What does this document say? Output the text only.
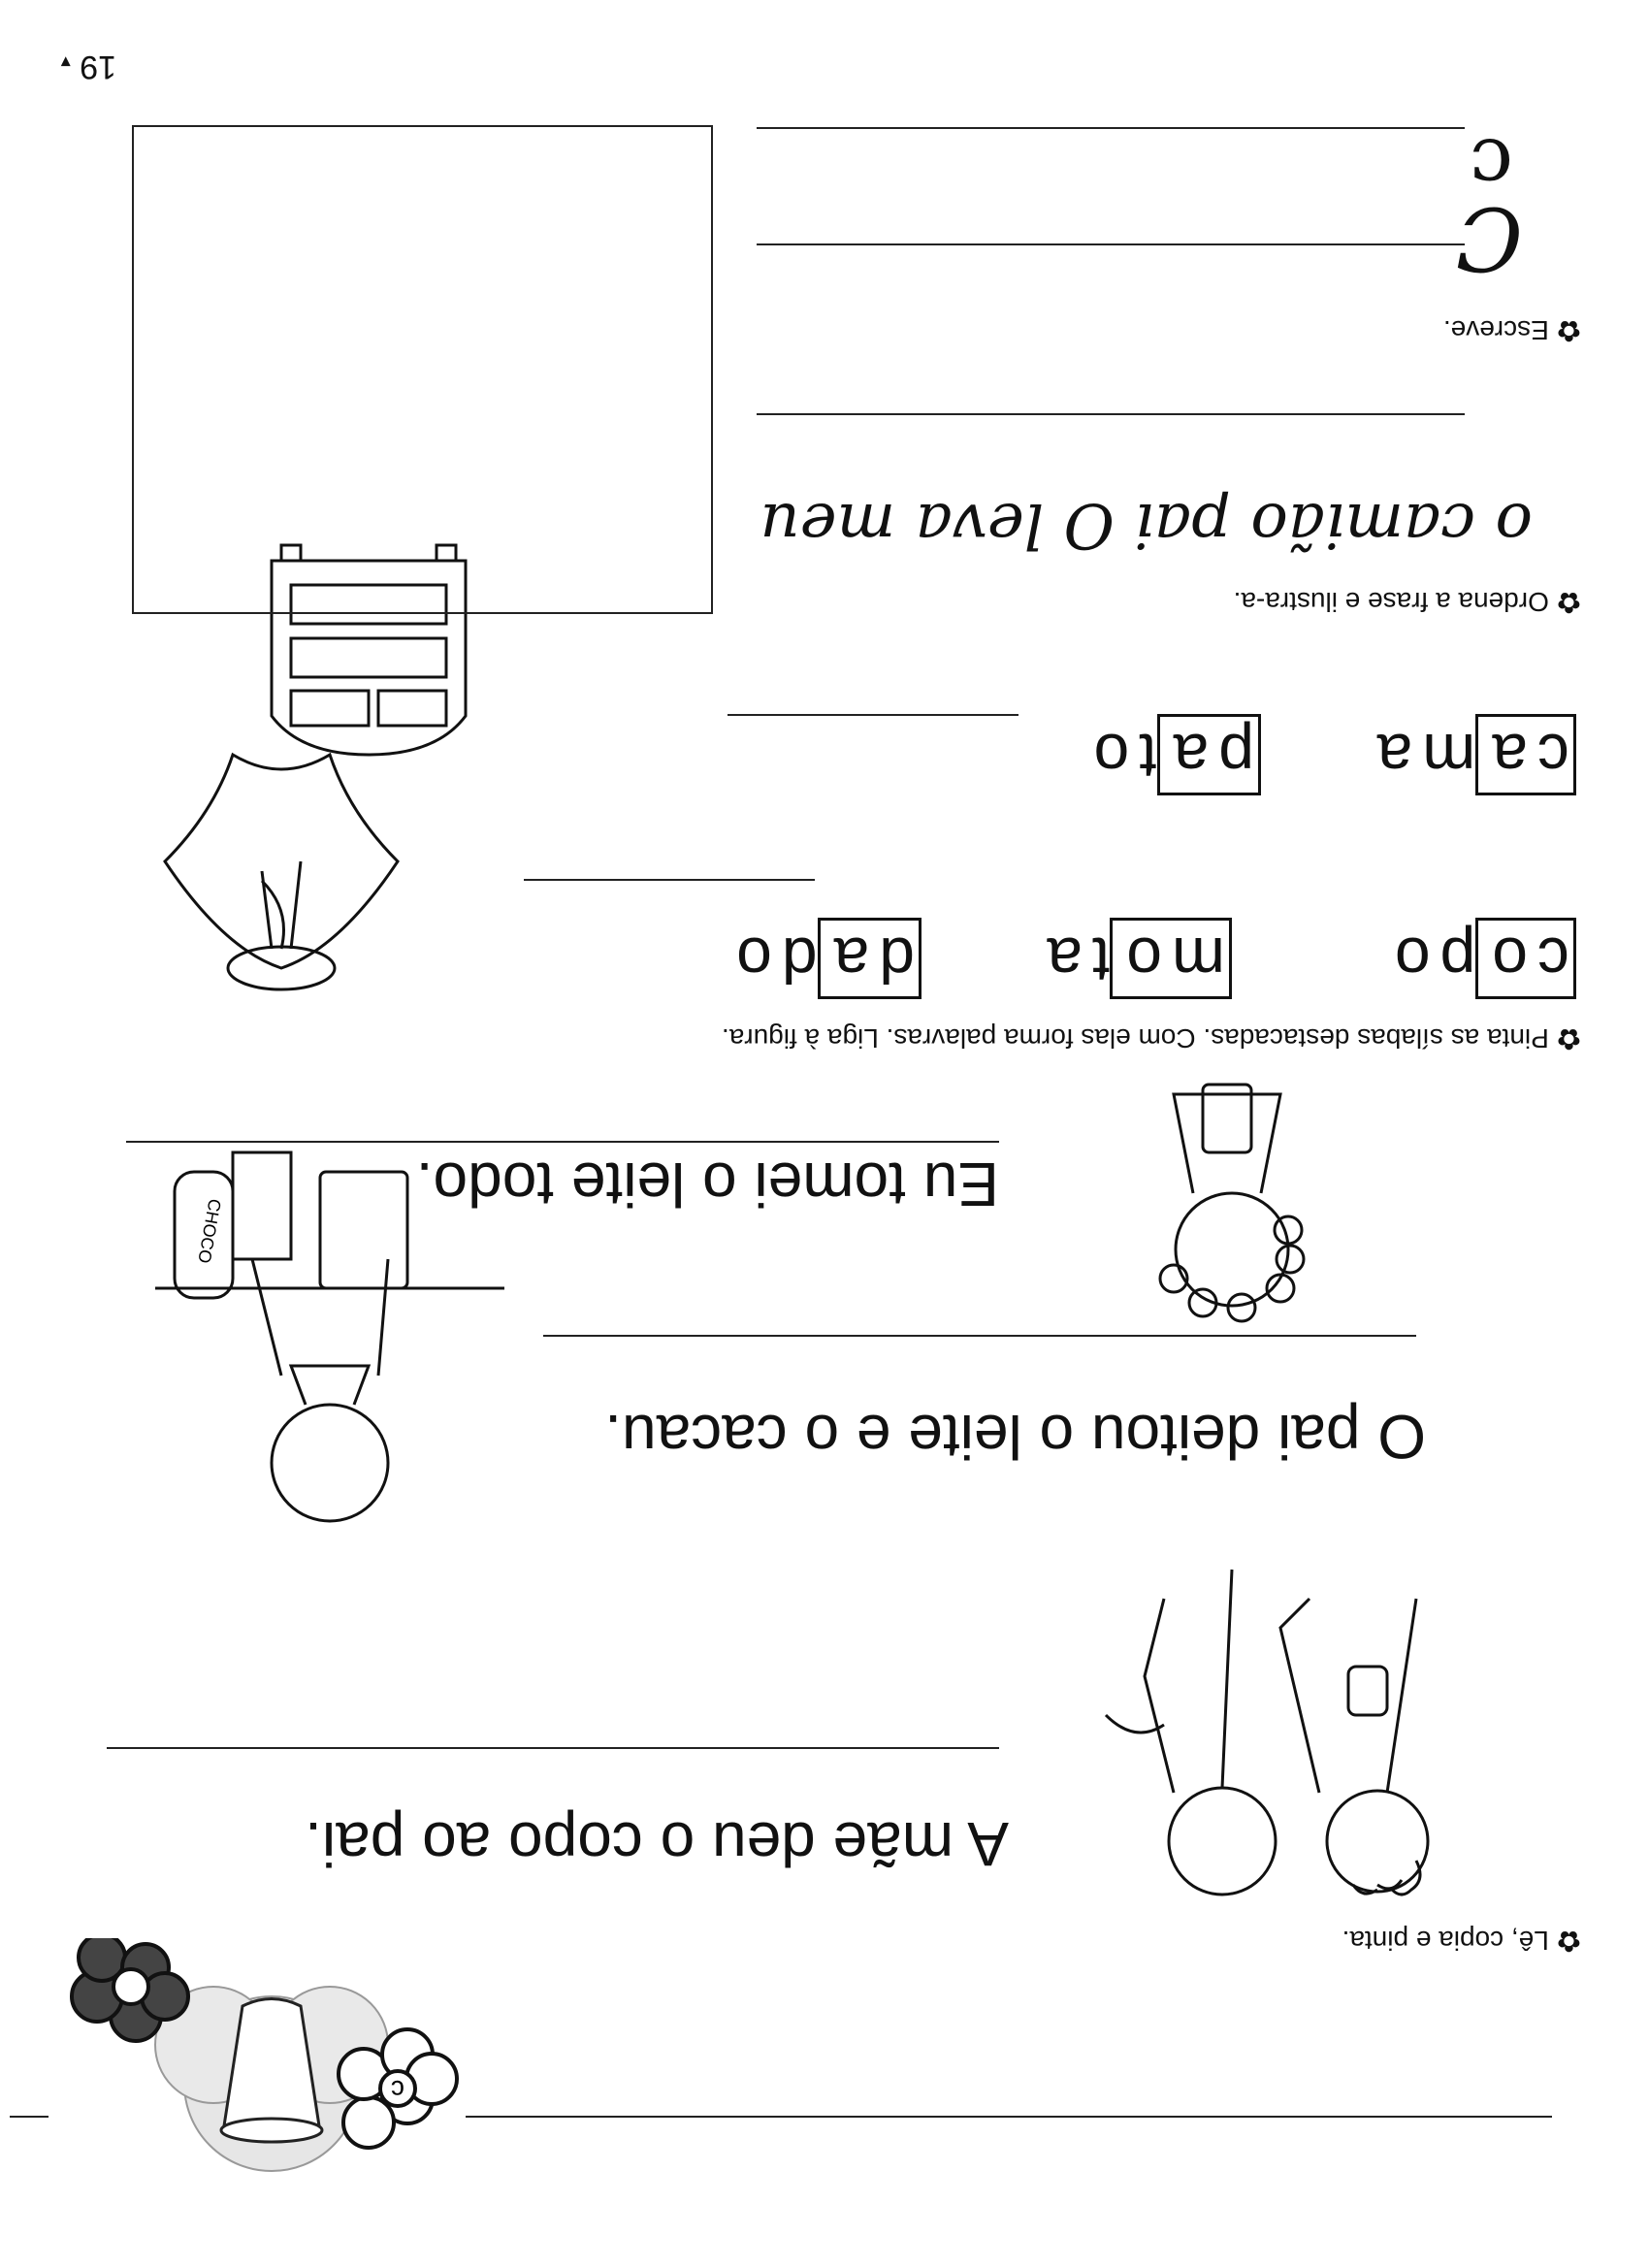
19 ▾
c
✿
Lê, copia e pinta.
A mãe deu o copo ao pai.
O pai deitou o leite e o cacau.
CHOCO
Eu tomei o leite todo.
✿
Pinta as sílabas destacadas. Com elas forma palavras. Liga à figura.
copo
mota
dado
cama
pato
✿
Ordena a frase e ilustra-a.
o camião pai O leva meu
✿
Escreve.
C
c
